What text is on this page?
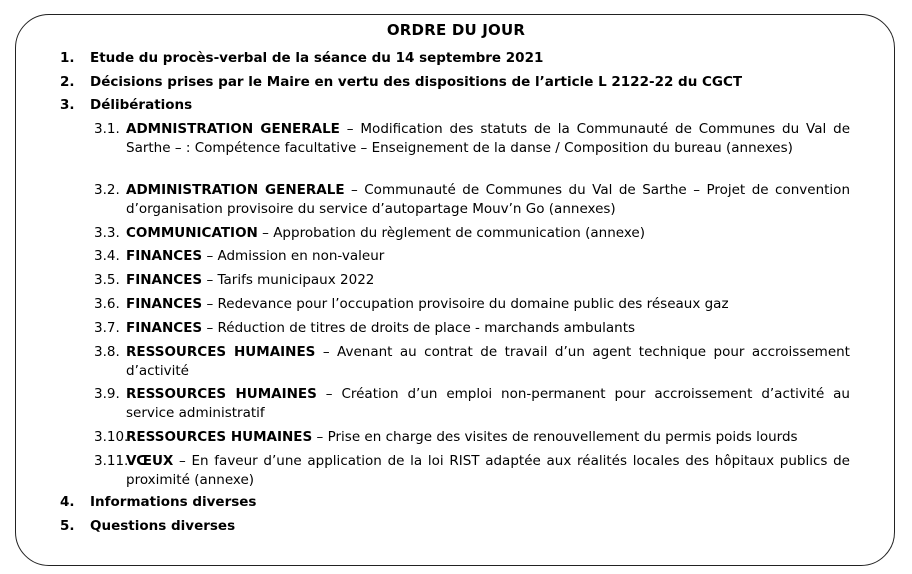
ORDRE DU JOUR
1. Etude du procès-verbal de la séance du 14 septembre 2021
2. Décisions prises par le Maire en vertu des dispositions de l’article L 2122-22 du CGCT
3. Délibérations
3.1. ADMNISTRATION GENERALE – Modification des statuts de la Communauté de Communes du Val de Sarthe – : Compétence facultative – Enseignement de la danse / Composition du bureau (annexes)
3.2. ADMINISTRATION GENERALE – Communauté de Communes du Val de Sarthe – Projet de convention d’organisation provisoire du service d’autopartage Mouv’n Go (annexes)
3.3. COMMUNICATION – Approbation du règlement de communication (annexe)
3.4. FINANCES – Admission en non-valeur
3.5. FINANCES – Tarifs municipaux 2022
3.6. FINANCES – Redevance pour l’occupation provisoire du domaine public des réseaux gaz
3.7. FINANCES – Réduction de titres de droits de place - marchands ambulants
3.8. RESSOURCES HUMAINES – Avenant au contrat de travail d’un agent technique pour accroissement d’activité
3.9. RESSOURCES HUMAINES – Création d’un emploi non-permanent pour accroissement d’activité au service administratif
3.10.
RESSOURCES HUMAINES – Prise en charge des visites de renouvellement du permis poids lourds
3.11.
VŒUX – En faveur d’une application de la loi RIST adaptée aux réalités locales des hôpitaux publics de proximité (annexe)
4. Informations diverses
5. Questions diverses
